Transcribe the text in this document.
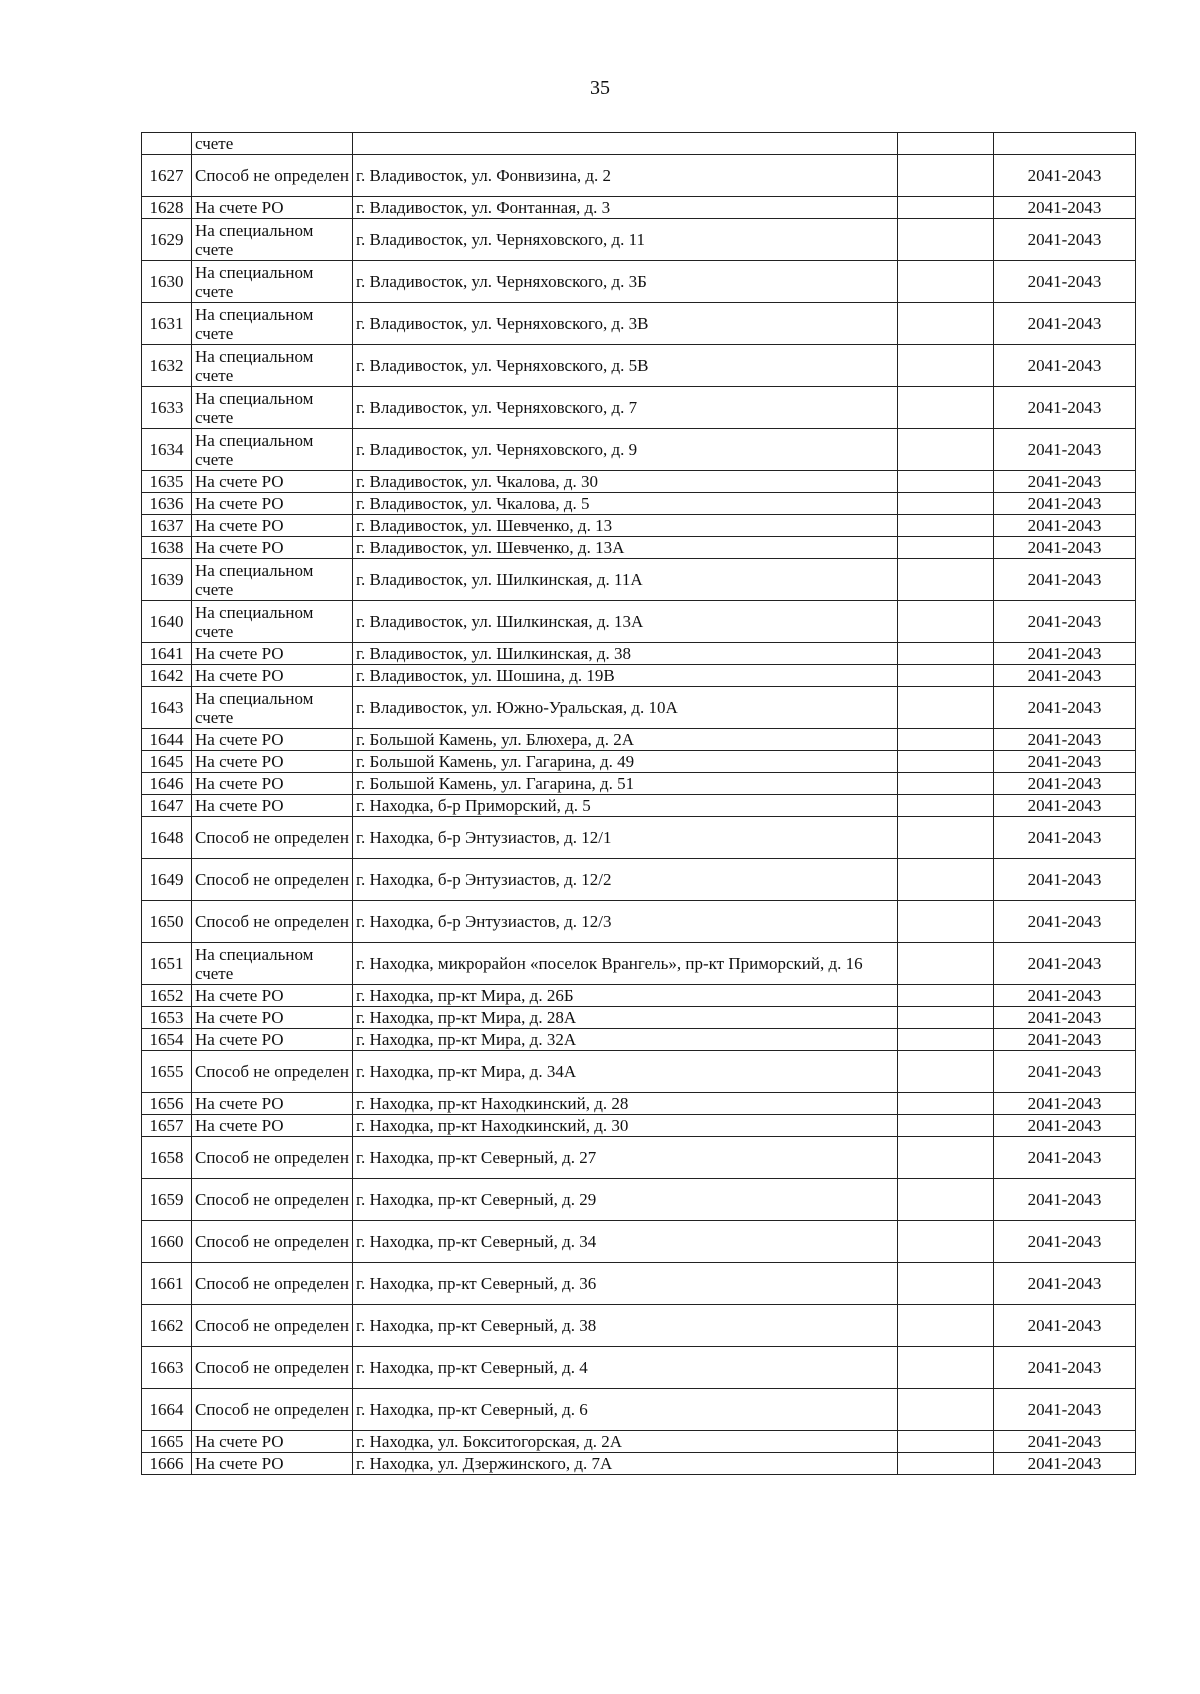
35
	счете			
1627	Способ не определен	г. Владивосток, ул. Фонвизина, д. 2		2041-2043
1628	На счете РО	г. Владивосток, ул. Фонтанная, д. 3		2041-2043
1629	На специальном счете	г. Владивосток, ул. Черняховского, д. 11		2041-2043
1630	На специальном счете	г. Владивосток, ул. Черняховского, д. 3Б		2041-2043
1631	На специальном счете	г. Владивосток, ул. Черняховского, д. 3В		2041-2043
1632	На специальном счете	г. Владивосток, ул. Черняховского, д. 5В		2041-2043
1633	На специальном счете	г. Владивосток, ул. Черняховского, д. 7		2041-2043
1634	На специальном счете	г. Владивосток, ул. Черняховского, д. 9		2041-2043
1635	На счете РО	г. Владивосток, ул. Чкалова, д. 30		2041-2043
1636	На счете РО	г. Владивосток, ул. Чкалова, д. 5		2041-2043
1637	На счете РО	г. Владивосток, ул. Шевченко, д. 13		2041-2043
1638	На счете РО	г. Владивосток, ул. Шевченко, д. 13А		2041-2043
1639	На специальном счете	г. Владивосток, ул. Шилкинская, д. 11А		2041-2043
1640	На специальном счете	г. Владивосток, ул. Шилкинская, д. 13А		2041-2043
1641	На счете РО	г. Владивосток, ул. Шилкинская, д. 38		2041-2043
1642	На счете РО	г. Владивосток, ул. Шошина, д. 19В		2041-2043
1643	На специальном счете	г. Владивосток, ул. Южно-Уральская, д. 10А		2041-2043
1644	На счете РО	г. Большой Камень, ул. Блюхера, д. 2А		2041-2043
1645	На счете РО	г. Большой Камень, ул. Гагарина, д. 49		2041-2043
1646	На счете РО	г. Большой Камень, ул. Гагарина, д. 51		2041-2043
1647	На счете РО	г. Находка, б-р Приморский, д. 5		2041-2043
1648	Способ не определен	г. Находка, б-р Энтузиастов, д. 12/1		2041-2043
1649	Способ не определен	г. Находка, б-р Энтузиастов, д. 12/2		2041-2043
1650	Способ не определен	г. Находка, б-р Энтузиастов, д. 12/3		2041-2043
1651	На специальном счете	г. Находка, микрорайон «поселок Врангель», пр-кт Приморский, д. 16		2041-2043
1652	На счете РО	г. Находка, пр-кт Мира, д. 26Б		2041-2043
1653	На счете РО	г. Находка, пр-кт Мира, д. 28А		2041-2043
1654	На счете РО	г. Находка, пр-кт Мира, д. 32А		2041-2043
1655	Способ не определен	г. Находка, пр-кт Мира, д. 34А		2041-2043
1656	На счете РО	г. Находка, пр-кт Находкинский, д. 28		2041-2043
1657	На счете РО	г. Находка, пр-кт Находкинский, д. 30		2041-2043
1658	Способ не определен	г. Находка, пр-кт Северный, д. 27		2041-2043
1659	Способ не определен	г. Находка, пр-кт Северный, д. 29		2041-2043
1660	Способ не определен	г. Находка, пр-кт Северный, д. 34		2041-2043
1661	Способ не определен	г. Находка, пр-кт Северный, д. 36		2041-2043
1662	Способ не определен	г. Находка, пр-кт Северный, д. 38		2041-2043
1663	Способ не определен	г. Находка, пр-кт Северный, д. 4		2041-2043
1664	Способ не определен	г. Находка, пр-кт Северный, д. 6		2041-2043
1665	На счете РО	г. Находка, ул. Бокситогорская, д. 2А		2041-2043
1666	На счете РО	г. Находка, ул. Дзержинского, д. 7А		2041-2043
